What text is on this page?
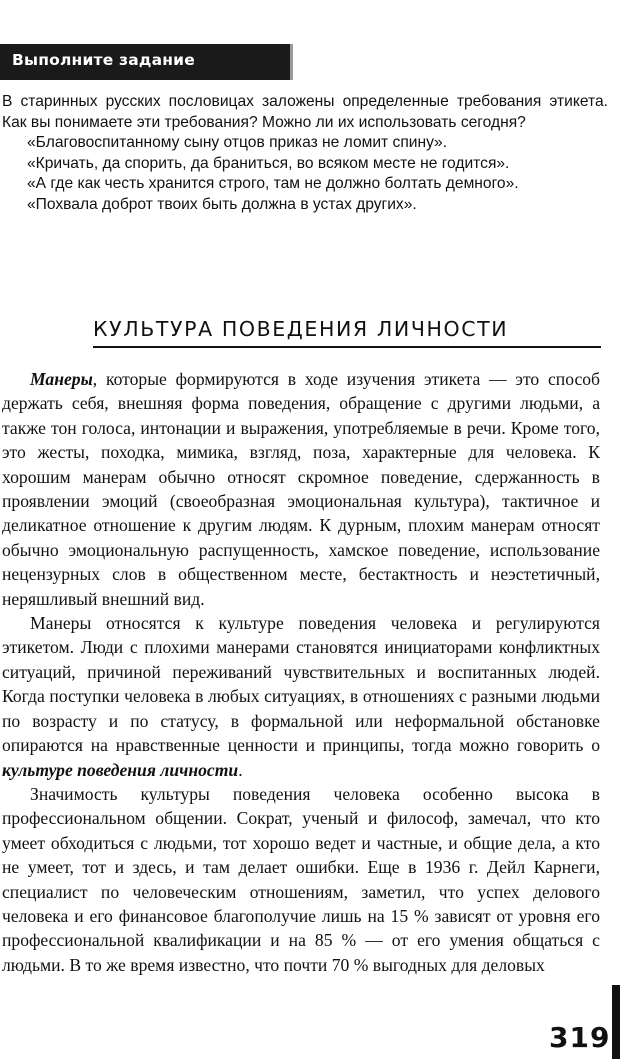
Выполните задание

В старинных русских пословицах заложены определенные требования этикета. Как вы понимаете эти требования? Можно ли их использовать сегодня?

«Благовоспитанному сыну отцов приказ не ломит спину».

«Кричать, да спорить, да браниться, во всяком месте не годится».

«А где как честь хранится строго, там не должно болтать демного».

«Похвала доброт твоих быть должна в устах других».

КУЛЬТУРА ПОВЕДЕНИЯ ЛИЧНОСТИ

Манеры, которые формируются в ходе изучения этикета — это способ держать себя, внешняя форма поведения, обращение с другими людьми, а также тон голоса, интонации и выражения, употребляемые в речи. Кроме того, это жесты, походка, мимика, взгляд, поза, характерные для человека. К хорошим манерам обычно относят скромное поведение, сдержанность в проявлении эмоций (своеобразная эмоциональная культура), тактичное и деликатное отношение к другим людям. К дурным, плохим манерам относят обычно эмоциональную распущенность, хамское поведение, использование нецензурных слов в общественном месте, бестактность и неэстетичный, неряшливый внешний вид.

Манеры относятся к культуре поведения человека и регулируются этикетом. Люди с плохими манерами становятся инициаторами конфликтных ситуаций, причиной переживаний чувствительных и воспитанных людей. Когда поступки человека в любых ситуациях, в отношениях с разными людьми по возрасту и по статусу, в формальной или неформальной обстановке опираются на нравственные ценности и принципы, тогда можно говорить о культуре поведения личности.

Значимость культуры поведения человека особенно высока в профессиональном общении. Сократ, ученый и философ, замечал, что кто умеет обходиться с людьми, тот хорошо ведет и частные, и общие дела, а кто не умеет, тот и здесь, и там делает ошибки. Еще в 1936 г. Дейл Карнеги, специалист по человеческим отношениям, заметил, что успех делового человека и его финансовое благополучие лишь на 15 % зависят от уровня его профессиональной квалификации и на 85 % — от его умения общаться с людьми. В то же время известно, что почти 70 % выгодных для деловых

319
